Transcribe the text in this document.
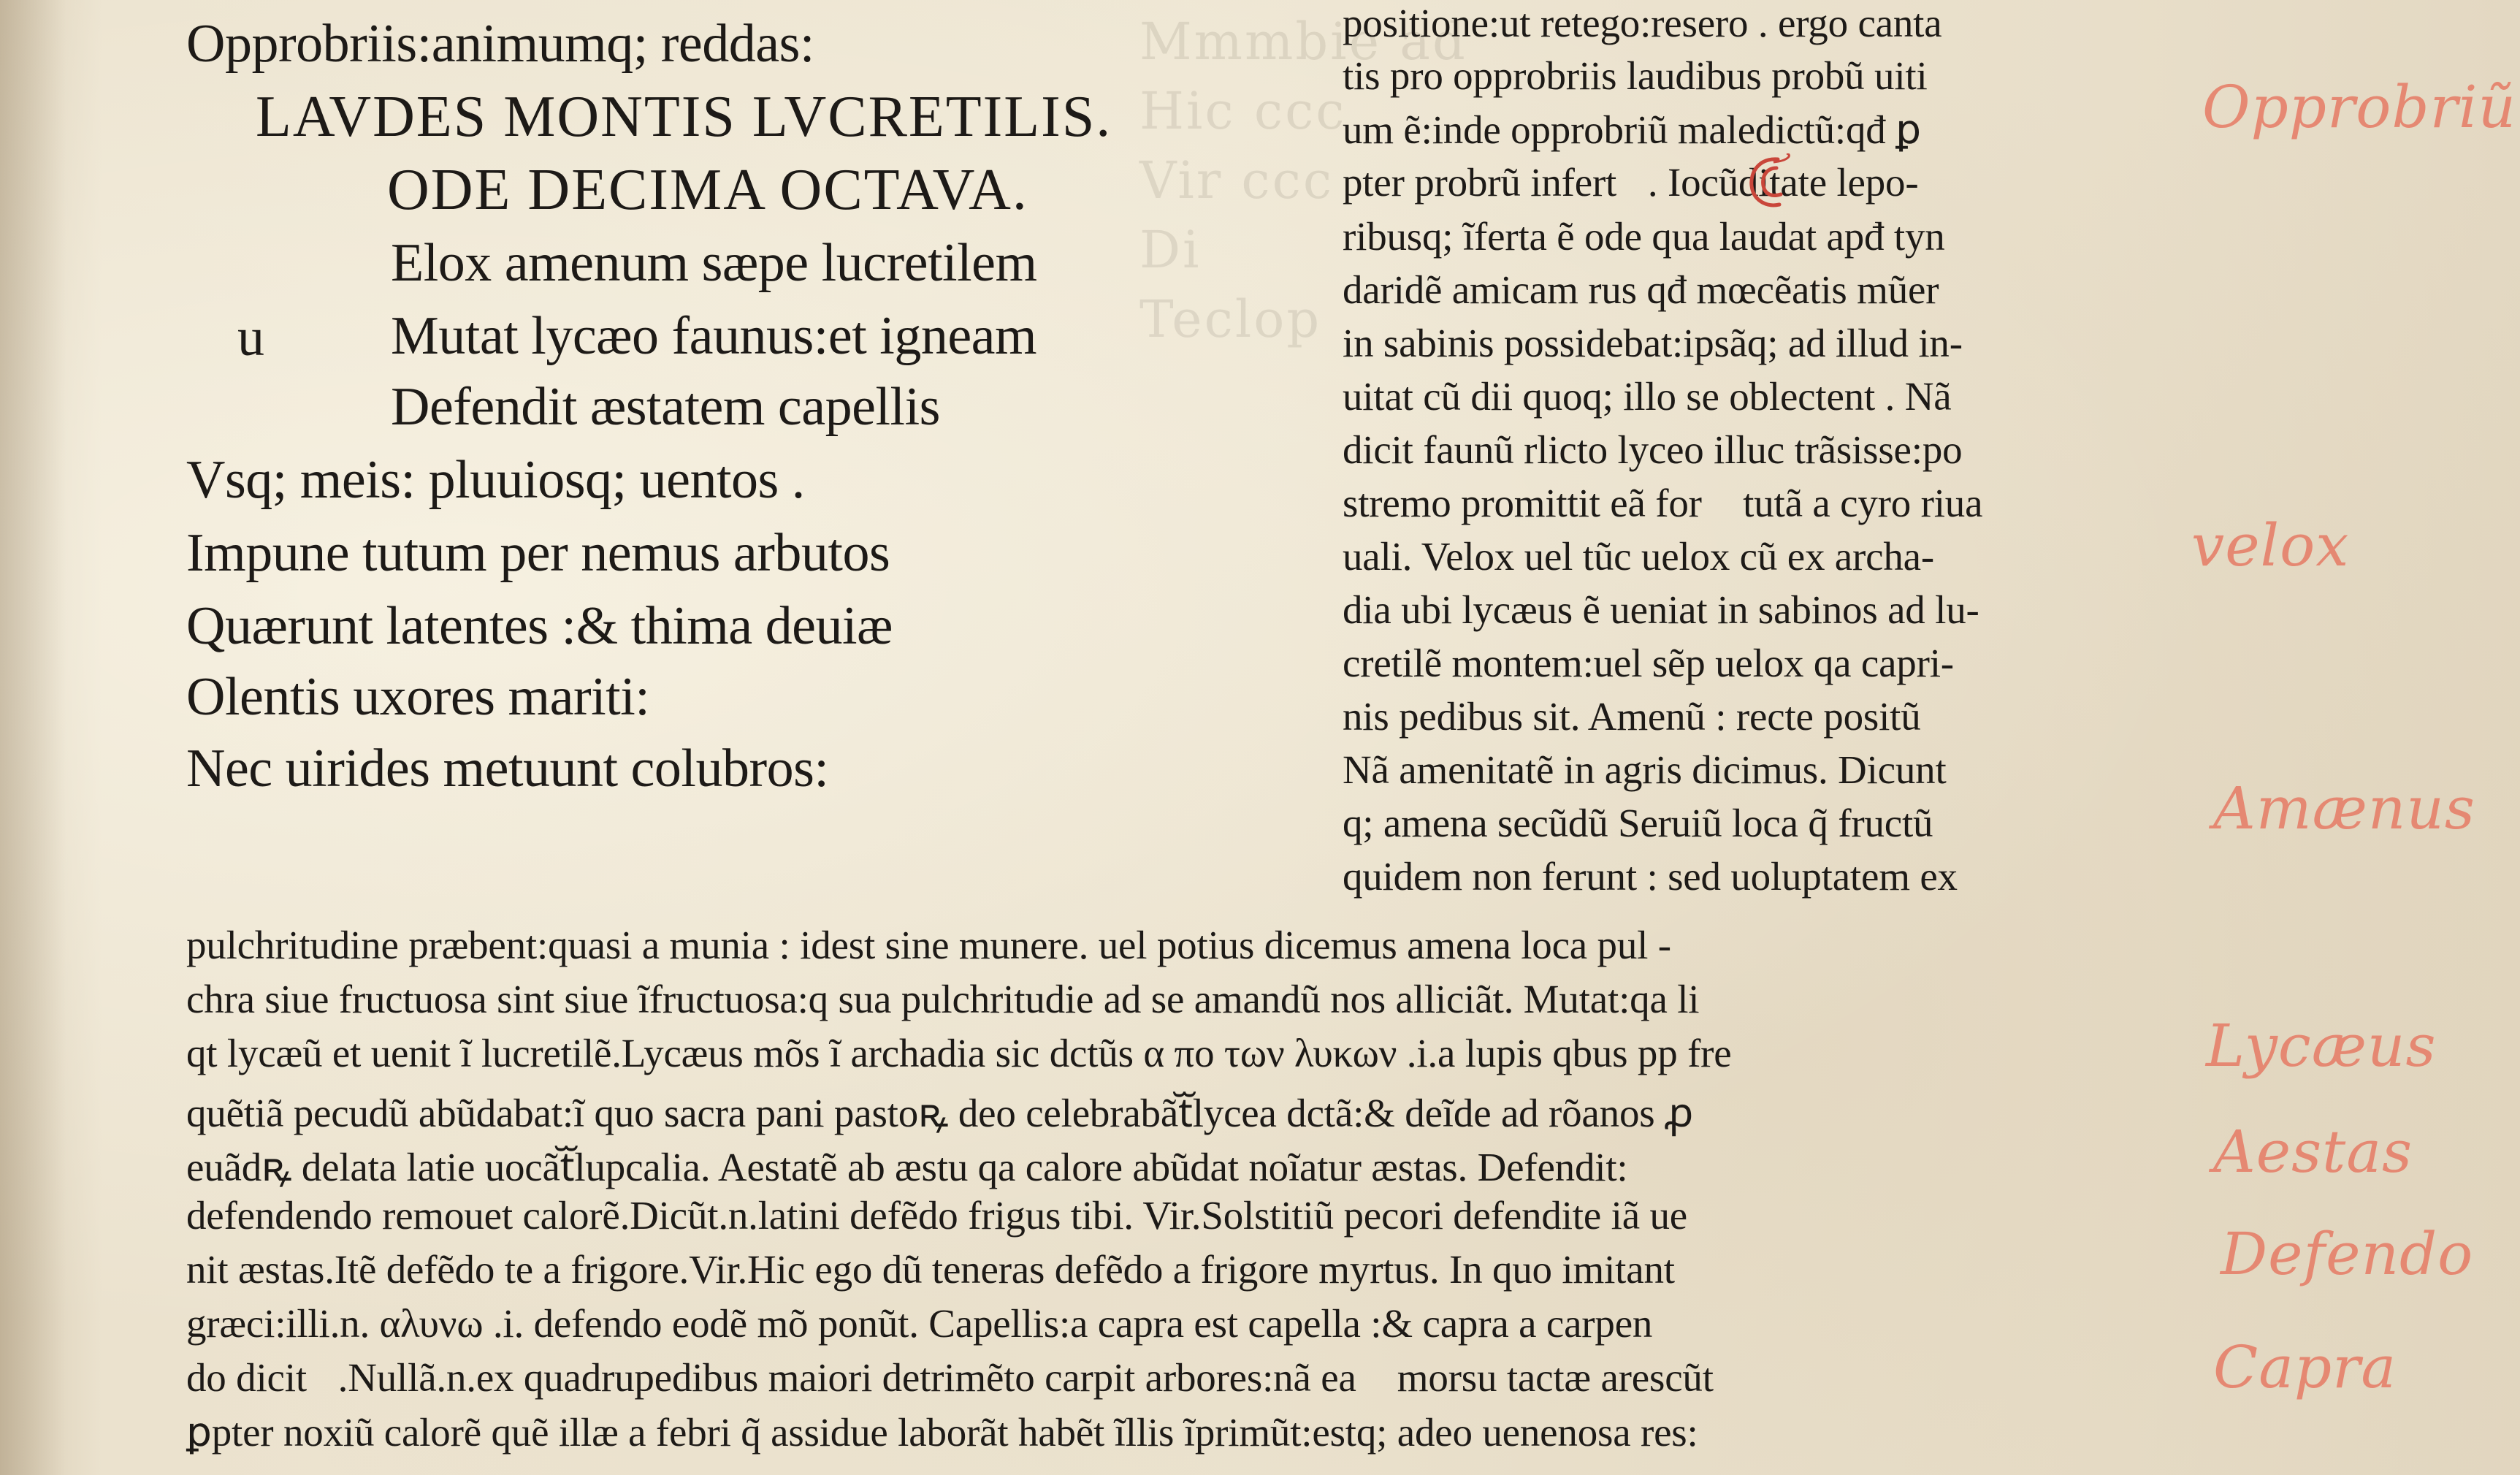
Mmmbie ad
Hic ccc
Vir ccc
Di
Teclop
Opprobriis:animumq; reddas:
LAVDES MONTIS LVCRETILIS.
ODE DECIMA OCTAVA.
u
Elox amenum sæpe lucretilem
Mutat lycæo faunus:et igneam
Defendit æstatem capellis
Vsq; meis: pluuiosq; uentos .
Impune tutum per nemus arbutos
Quærunt latentes :& thima deuiæ
Olentis uxores mariti:
Nec uirides metuunt colubros:
positione:ut retego:resero . ergo canta
tis pro opprobriis laudibus probũ uiti
um ẽ:inde opprobriũ maledictũ:qđ ꝑ
pter probrũ infertᷓ. Iocũditate lepo‑
ribusq; ĩferta ẽ ode qua laudat apđ tyn
daridẽ amicam rus qđ mœcẽatis mũerᷓ
in sabinis possidebat:ipsãq; ad illud in‑
uitat cũ dii quoq; illo se oblectent . Nã
dicit faunũ rlicto lyceo illuc trãsisse:po
stremo promittit eã forᷓ tutã a cyro riua
uali. Velox uel tũc uelox cũ ex archa‑
dia ubi lycæus ẽ ueniat in sabinos ad lu‑
cretilẽ montem:uel sẽp uelox qa capri‑
nis pedibus sit. Amenũ : recte positũ
Nã amenitatẽ in agris dicimus. Dicuntᷓ
q; amena secũdũ Seruiũ loca q̃ fructũ
quidem non ferunt : sed uoluptatem ex
pulchritudine præbent:quasi a munia : idest sine munere. uel potius dicemus amena loca pul ‑
chra siue fructuosa sint siue ĩfructuosa:q sua pulchritudie ad se amandũ nos alliciãt. Mutat:qa li
qt lycæũ et uenit ĩ lucretilẽ.Lycæus mõs ĩ archadia sic dctũs α πο των λυκων .i.a lupis qbus pp fre
quẽtiã pecudũ abũdabat:ĩ quo sacra pani pastoꝶ deo celebrabãtᷓlycea dctã:& deĩde ad rõanos ꝓ
euãdꝶ delata latie uocãtᷓlupcalia. Aestatẽ ab æstu qa calore abũdat noĩatur æstas. Defendit:
defendendo remouet calorẽ.Dicũt.n.latini defẽdo frigus tibi. Vir.Solstitiũ pecori defendite iã ue
nit æstas.Itẽ defẽdo te a frigore.Vir.Hic ego dũ teneras defẽdo a frigore myrtus. In quo imitantᷓ
græci:illi.n. αλυνω .i. defendo eodẽ mõ ponũt. Capellis:a capra est capella :& capra a carpen
do dicitᷓ.Nullã.n.ex quadrupedibus maiori detrimẽto carpit arbores:nã eaꝶ morsu tactæ arescũt
ꝑpter noxiũ calorẽ quẽ illæ a febri q̃ assidue laborãt habẽt ĩllis ĩprimũt:estq; adeo uenenosa res:
Opprobriũ
velox
Amænus
Lycæus
Aestas
Defendo
Capra
